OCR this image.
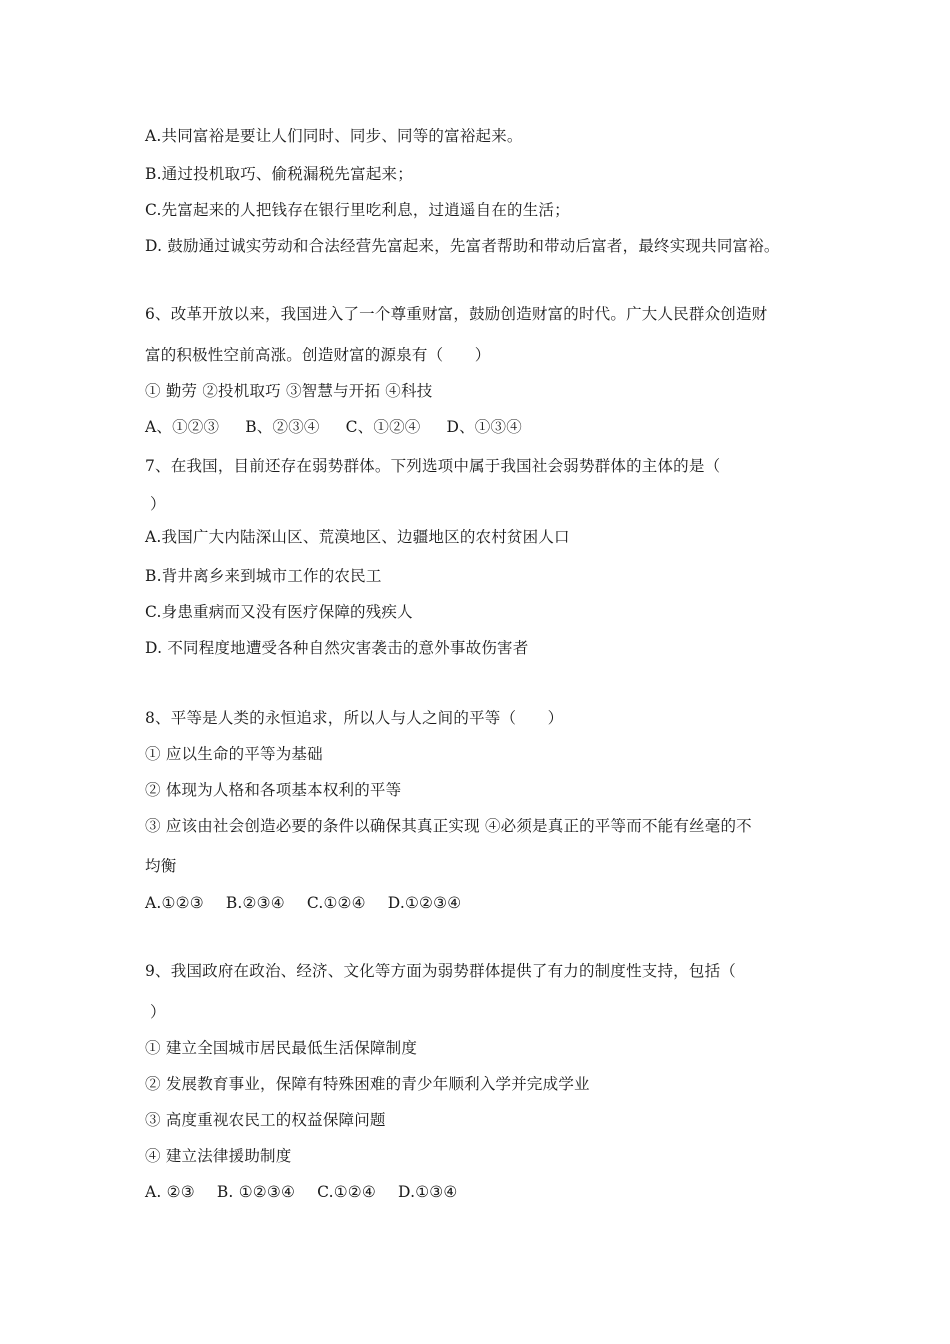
A.共同富裕是要让人们同时、同步、同等的富裕起来。
B.通过投机取巧、偷税漏税先富起来；
C.先富起来的人把钱存在银行里吃利息，过逍遥自在的生活；
D. 鼓励通过诚实劳动和合法经营先富起来，先富者帮助和带动后富者，最终实现共同富裕。
6、改革开放以来，我国进入了一个尊重财富，鼓励创造财富的时代。广大人民群众创造财
富的积极性空前高涨。创造财富的源泉有（　　）
① 勤劳 ②投机取巧 ③智慧与开拓 ④科技
A、①②③ B、②③④ C、①②④ D、①③④
7、在我国，目前还存在弱势群体。下列选项中属于我国社会弱势群体的主体的是（
）
A.我国广大内陆深山区、荒漠地区、边疆地区的农村贫困人口
B.背井离乡来到城市工作的农民工
C.身患重病而又没有医疗保障的残疾人
D. 不同程度地遭受各种自然灾害袭击的意外事故伤害者
8、平等是人类的永恒追求，所以人与人之间的平等（　　）
① 应以生命的平等为基础
② 体现为人格和各项基本权利的平等
③ 应该由社会创造必要的条件以确保其真正实现 ④必须是真正的平等而不能有丝毫的不
均衡
A.①②③ B.②③④ C.①②④ D.①②③④
9、我国政府在政治、经济、文化等方面为弱势群体提供了有力的制度性支持，包括（
）
① 建立全国城市居民最低生活保障制度
② 发展教育事业，保障有特殊困难的青少年顺利入学并完成学业
③ 高度重视农民工的权益保障问题
④ 建立法律援助制度
A. ②③ B. ①②③④ C.①②④ D.①③④
